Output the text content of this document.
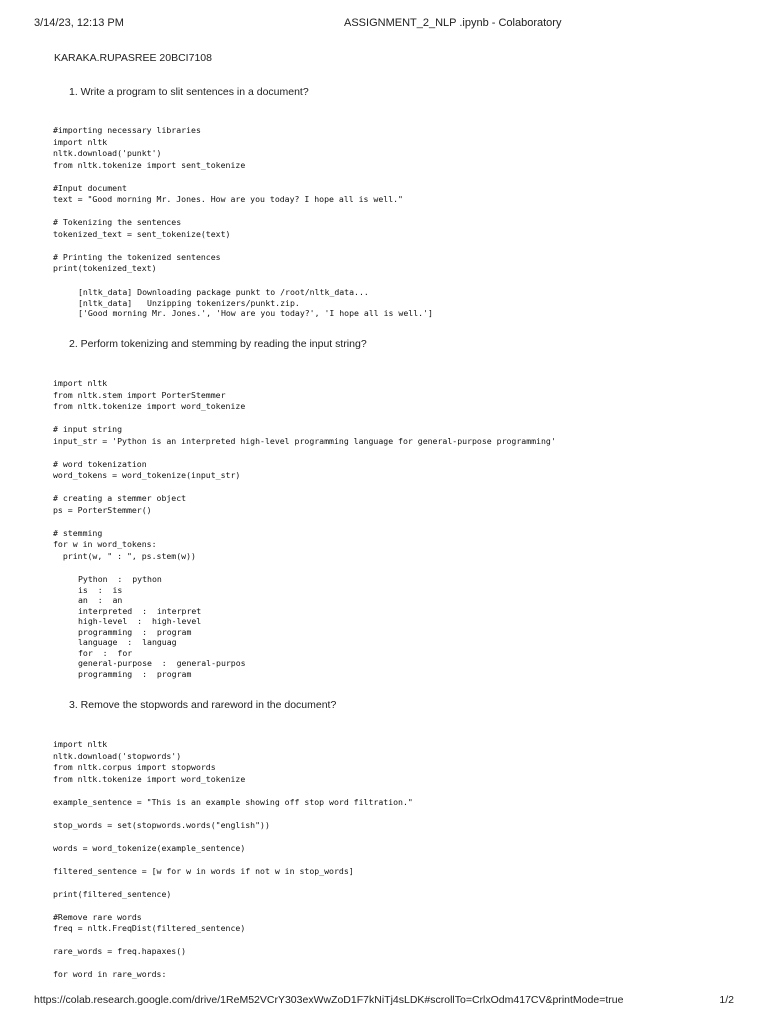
3/14/23, 12:13 PM	ASSIGNMENT_2_NLP .ipynb - Colaboratory
KARAKA.RUPASREE 20BCI7108
1. Write a program to slit sentences in a document?
#importing necessary libraries
import nltk
nltk.download('punkt')
from nltk.tokenize import sent_tokenize

#Input document
text = "Good morning Mr. Jones. How are you today? I hope all is well."

# Tokenizing the sentences
tokenized_text = sent_tokenize(text)

# Printing the tokenized sentences
print(tokenized_text)
[nltk_data] Downloading package punkt to /root/nltk_data...
[nltk_data]   Unzipping tokenizers/punkt.zip.
['Good morning Mr. Jones.', 'How are you today?', 'I hope all is well.']
2. Perform tokenizing and stemming by reading the input string?
import nltk
from nltk.stem import PorterStemmer
from nltk.tokenize import word_tokenize

# input string
input_str = 'Python is an interpreted high-level programming language for general-purpose programming'

# word tokenization
word_tokens = word_tokenize(input_str)

# creating a stemmer object
ps = PorterStemmer()

# stemming
for w in word_tokens:
print(w, " : ", ps.stem(w))
Python  :  python
is  :  is
an  :  an
interpreted  :  interpret
high-level  :  high-level
programming  :  program
language  :  languag
for  :  for
general-purpose  :  general-purpos
programming  :  program
3. Remove the stopwords and rareword in the document?
import nltk
nltk.download('stopwords')
from nltk.corpus import stopwords
from nltk.tokenize import word_tokenize

example_sentence = "This is an example showing off stop word filtration."

stop_words = set(stopwords.words("english"))

words = word_tokenize(example_sentence)

filtered_sentence = [w for w in words if not w in stop_words]

print(filtered_sentence)

#Remove rare words
freq = nltk.FreqDist(filtered_sentence)

rare_words = freq.hapaxes()

for word in rare_words:
https://colab.research.google.com/drive/1ReM52VCrY303exWwZoD1F7kNiTj4sLDK#scrollTo=CrlxOdm417CV&printMode=true	1/2
